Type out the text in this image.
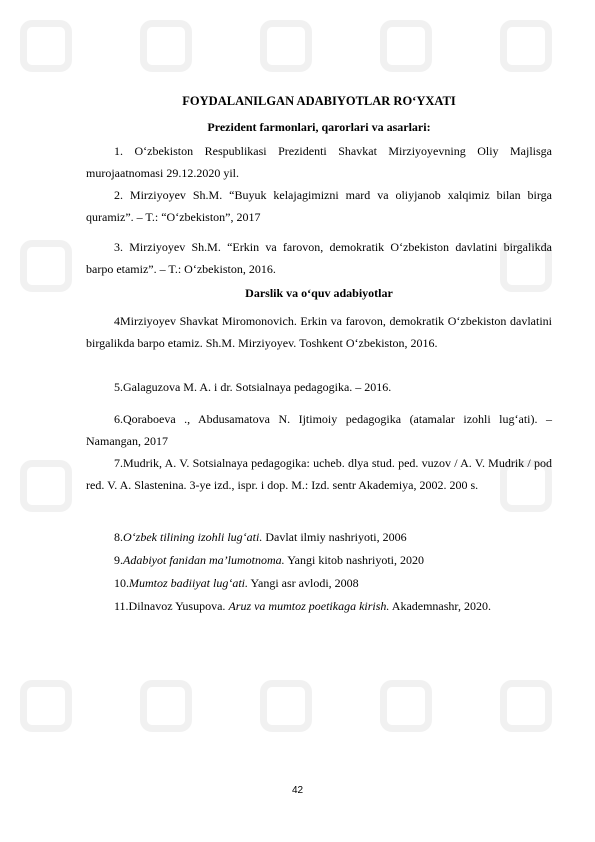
FOYDALANILGAN ADABIYOTLAR RO‘YXATI
Prezident farmonlari, qarorlari va asarlari:
1. O‘zbekiston Respublikasi Prezidenti Shavkat Mirziyoyevning Oliy Majlisga murojaatnomasi 29.12.2020 yil.
2. Mirziyoyev Sh.M. “Buyuk kelajagimizni mard va oliyjanob xalqimiz bilan birga quramiz”. – T.: “O‘zbekiston”, 2017
3. Mirziyoyev Sh.M. “Erkin va farovon, demokratik O‘zbekiston davlatini birgalikda barpo etamiz”. – T.: O‘zbekiston, 2016.
Darslik va o‘quv adabiyotlar
4Mirziyoyev Shavkat Miromonovich. Erkin va farovon, demokratik O‘zbekiston davlatini birgalikda barpo etamiz. Sh.M. Mirziyoyev. Toshkent O‘zbekiston, 2016.
5.Galaguzova M. A. i dr. Sotsialnaya pedagogika. – 2016.
6.Qoraboeva ., Abdusamatova N. Ijtimoiy pedagogika (atamalar izohli lug‘ati). –Namangan, 2017
7.Mudrik, A. V. Sotsialnaya pedagogika: ucheb. dlya stud. ped. vuzov / A. V. Mudrik / pod red. V. A. Slastenina. 3-ye izd., ispr. i dop. M.: Izd. sentr Akademiya, 2002. 200 s.
8.O‘zbek tilining izohli lug‘ati. Davlat ilmiy nashriyoti, 2006
9.Adabiyot fanidan ma’lumotnoma. Yangi kitob nashriyoti, 2020
10.Mumtoz badiiyat lug‘ati. Yangi asr avlodi, 2008
11.Dilnavoz Yusupova. Aruz va mumtoz poetikaga kirish. Akademnashr, 2020.
42
